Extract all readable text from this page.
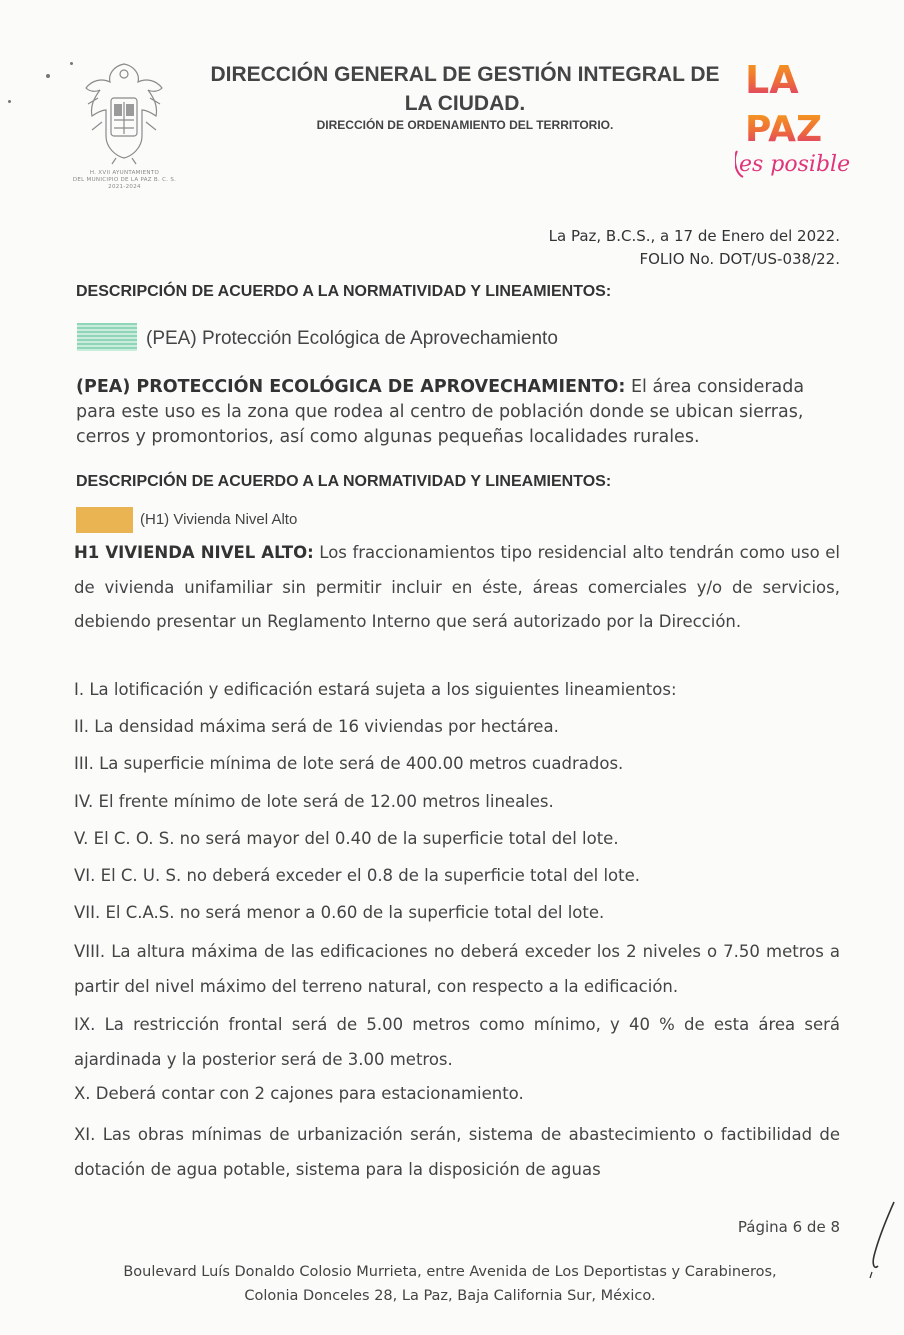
H. XVII AYUNTAMIENTO
DEL MUNICIPIO DE LA PAZ B. C. S.
2021-2024
DIRECCIÓN GENERAL DE GESTIÓN INTEGRAL DE
LA CIUDAD.
DIRECCIÓN DE ORDENAMIENTO DEL TERRITORIO.
LA
PAZ
es posible
La Paz, B.C.S., a 17 de Enero del 2022.
FOLIO No. DOT/US-038/22.
DESCRIPCIÓN DE ACUERDO A LA NORMATIVIDAD Y LINEAMIENTOS:
(PEA) Protección Ecológica de Aprovechamiento
(PEA) PROTECCIÓN ECOLÓGICA DE APROVECHAMIENTO: El área considerada para este uso es la zona que rodea al centro de población donde se ubican sierras, cerros y promontorios, así como algunas pequeñas localidades rurales.
DESCRIPCIÓN DE ACUERDO A LA NORMATIVIDAD Y LINEAMIENTOS:
(H1) Vivienda Nivel Alto
H1 VIVIENDA NIVEL ALTO: Los fraccionamientos tipo residencial alto tendrán como uso el de vivienda unifamiliar sin permitir incluir en éste, áreas comerciales y/o de servicios, debiendo presentar un Reglamento Interno que será autorizado por la Dirección.
I. La lotificación y edificación estará sujeta a los siguientes lineamientos:
II. La densidad máxima será de 16 viviendas por hectárea.
III. La superficie mínima de lote será de 400.00 metros cuadrados.
IV. El frente mínimo de lote será de 12.00 metros lineales.
V. El C. O. S. no será mayor del 0.40 de la superficie total del lote.
VI. El C. U. S. no deberá exceder el 0.8 de la superficie total del lote.
VII. El C.A.S. no será menor a 0.60 de la superficie total del lote.
VIII. La altura máxima de las edificaciones no deberá exceder los 2 niveles o 7.50 metros a partir del nivel máximo del terreno natural, con respecto a la edificación.
IX. La restricción frontal será de 5.00 metros como mínimo, y 40 % de esta área será ajardinada y la posterior será de 3.00 metros.
X. Deberá contar con 2 cajones para estacionamiento.
XI. Las obras mínimas de urbanización serán, sistema de abastecimiento o factibilidad de dotación de agua potable, sistema para la disposición de aguas
Página 6 de 8
Boulevard Luís Donaldo Colosio Murrieta, entre Avenida de Los Deportistas y Carabineros,
Colonia Donceles 28, La Paz, Baja California Sur, México.
